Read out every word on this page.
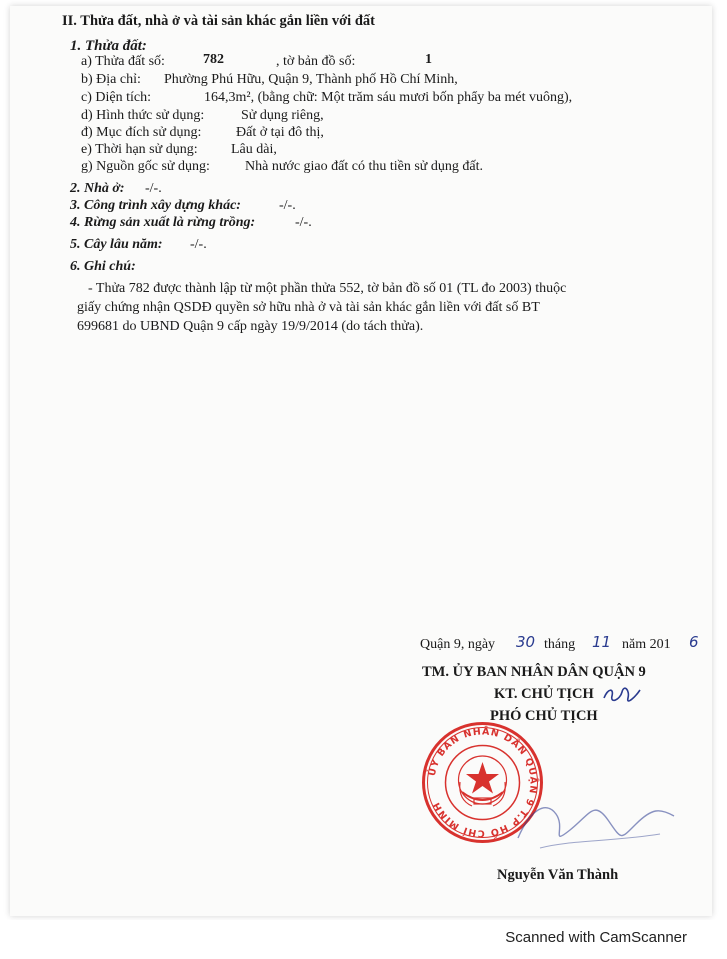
II. Thửa đất, nhà ở và tài sản khác gắn liền với đất
1. Thửa đất:
a) Thửa đất số:	782	, tờ bản đồ số:	1
b) Địa chỉ: Phường Phú Hữu, Quận 9, Thành phố Hồ Chí Minh,
c) Diện tích:	164,3m², (bằng chữ: Một trăm sáu mươi bốn phẩy ba mét vuông),
d) Hình thức sử dụng:	Sử dụng riêng,
đ) Mục đích sử dụng: Đất ở tại đô thị,
e) Thời hạn sử dụng: Lâu dài,
g) Nguồn gốc sử dụng:	Nhà nước giao đất có thu tiền sử dụng đất.
2. Nhà ở: -/-.
3. Công trình xây dựng khác:	-/-.
4. Rừng sản xuất là rừng trồng:	-/-.
5. Cây lâu năm: -/-.
6. Ghi chú:
- Thửa 782 được thành lập từ một phần thửa 552, tờ bản đồ số 01 (TL đo 2003) thuộc
giấy chứng nhận QSDĐ quyền sở hữu nhà ở và tài sản khác gắn liền với đất số BT
699681 do UBND Quận 9 cấp ngày 19/9/2014 (do tách thửa).
Quận 9, ngày 30 tháng 11 năm 201 6
TM. ỦY BAN NHÂN DÂN QUẬN 9
KT. CHỦ TỊCH
PHÓ CHỦ TỊCH
ỦY BAN NHÂN DÂN QUẬN 9 T.P HỒ CHÍ MINH
Nguyễn Văn Thành
Scanned with CamScanner
